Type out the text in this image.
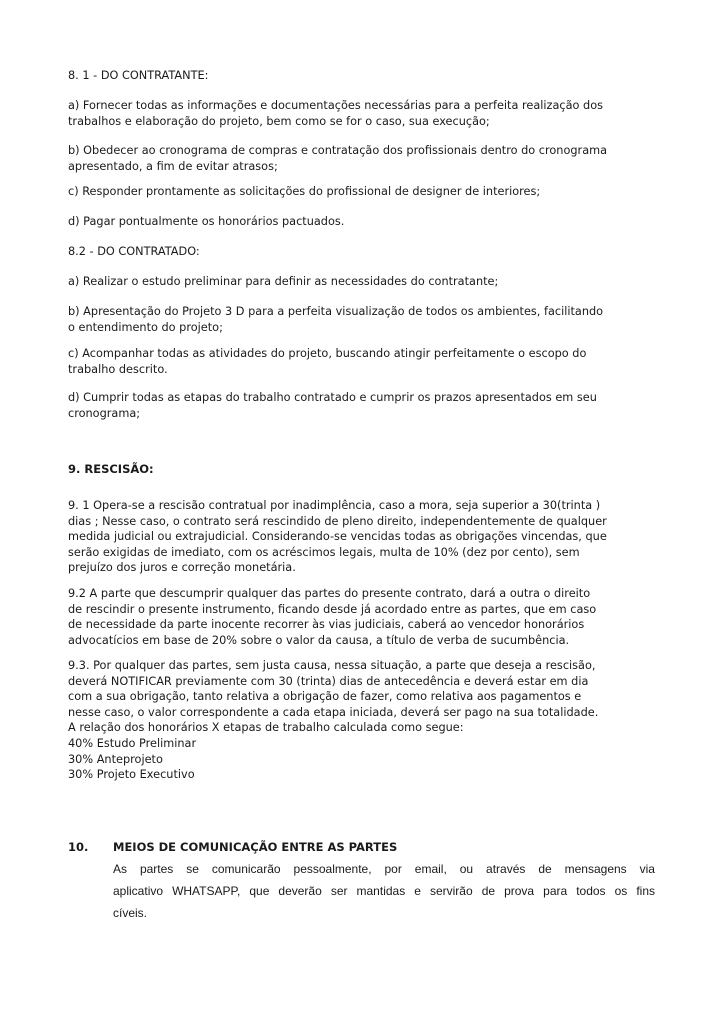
8. 1 - DO CONTRATANTE:

a) Fornecer todas as informações e documentações necessárias para a perfeita realização dos
trabalhos e elaboração do projeto, bem como se for o caso, sua execução;

b) Obedecer ao cronograma de compras e contratação dos profissionais dentro do cronograma
apresentado, a fim de evitar atrasos;

c) Responder prontamente as solicitações do profissional de designer de interiores;

d) Pagar pontualmente os honorários pactuados.

8.2 - DO CONTRATADO:

a) Realizar o estudo preliminar para definir as necessidades do contratante;

b) Apresentação do Projeto 3 D para a perfeita visualização de todos os ambientes, facilitando
o entendimento do projeto;

c) Acompanhar todas as atividades do projeto, buscando atingir perfeitamente o escopo do
trabalho descrito.

d) Cumprir todas as etapas do trabalho contratado e cumprir os prazos apresentados em seu
cronograma;

9. RESCISÃO:

9. 1 Opera-se a rescisão contratual por inadimplência, caso a mora, seja superior a 30(trinta )
dias ; Nesse caso, o contrato será rescindido de pleno direito, independentemente de qualquer
medida judicial ou extrajudicial. Considerando-se vencidas todas as obrigações vincendas, que
serão exigidas de imediato, com os acréscimos legais, multa de 10% (dez por cento), sem
prejuízo dos juros e correção monetária.

9.2 A parte que descumprir qualquer das partes do presente contrato, dará a outra o direito
de rescindir o presente instrumento, ficando desde já acordado entre as partes, que em caso
de necessidade da parte inocente recorrer às vias judiciais, caberá ao vencedor honorários
advocatícios em base de 20% sobre o valor da causa, a título de verba de sucumbência.

9.3. Por qualquer das partes, sem justa causa, nessa situação, a parte que deseja a rescisão,
deverá NOTIFICAR previamente com 30 (trinta) dias de antecedência e deverá estar em dia
com a sua obrigação, tanto relativa a obrigação de fazer, como relativa aos pagamentos e
nesse caso, o valor correspondente a cada etapa iniciada, deverá ser pago na sua totalidade.
A relação dos honorários X etapas de trabalho calculada como segue:
40% Estudo Preliminar
30% Anteprojeto
30% Projeto Executivo

10. MEIOS DE COMUNICAÇÃO ENTRE AS PARTES
As partes se comunicarão pessoalmente, por email, ou através de mensagens via
aplicativo WHATSAPP, que deverão ser mantidas e servirão de prova para todos os fins
cíveis.
